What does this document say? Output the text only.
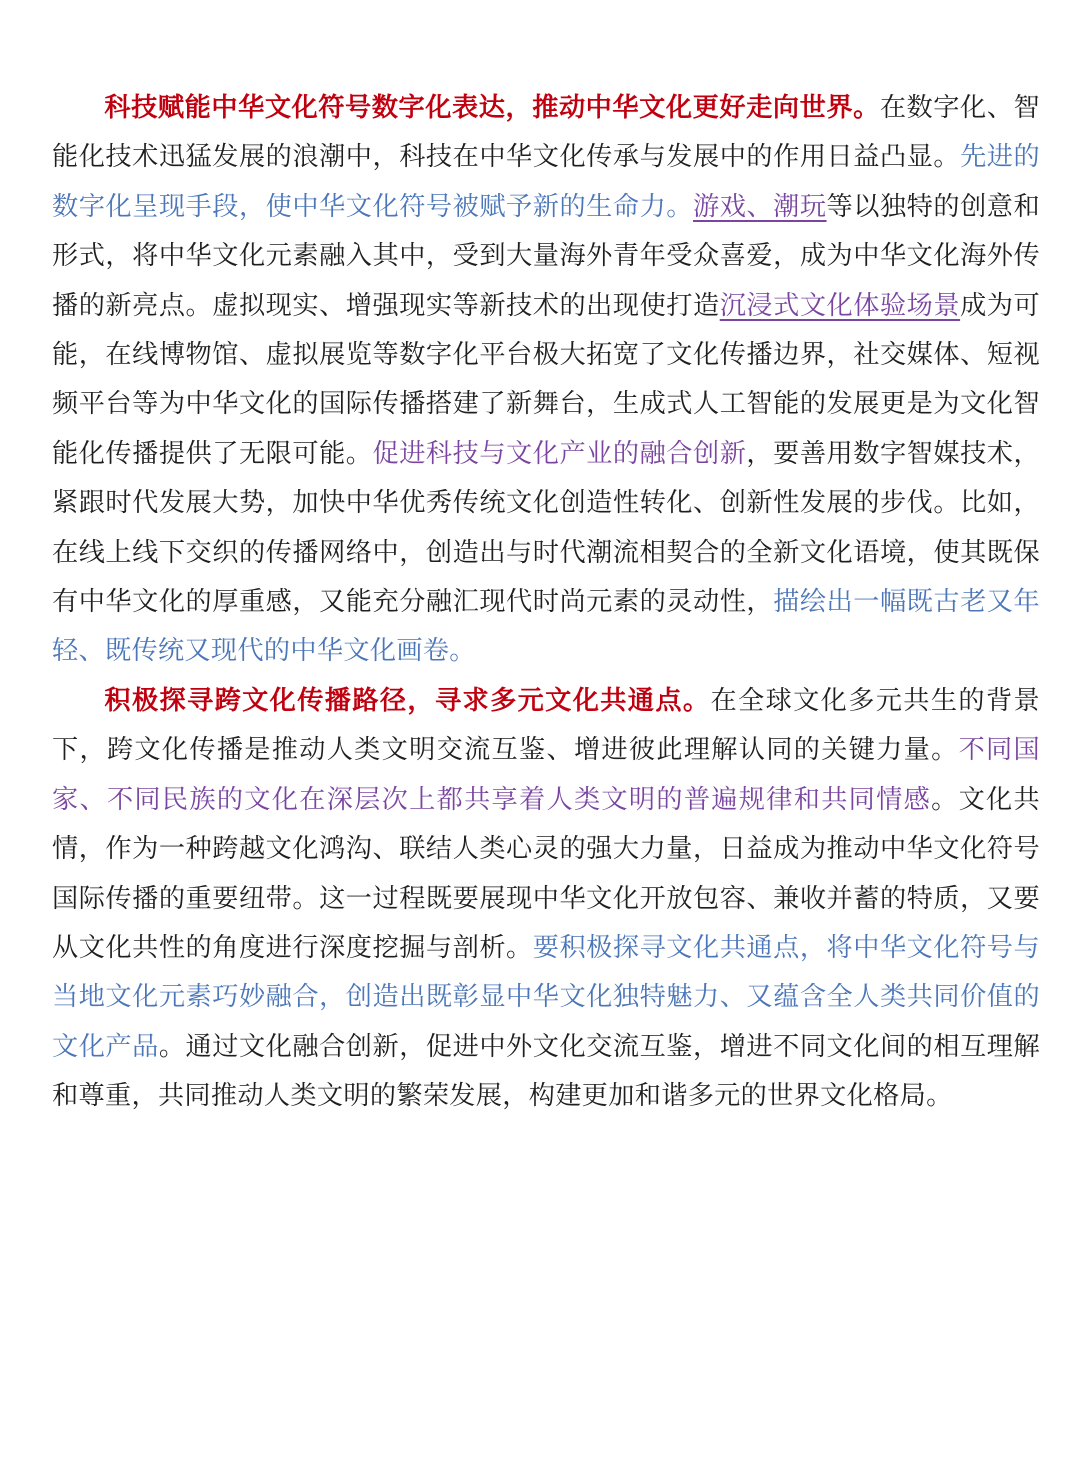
科技赋能中华文化符号数字化表达，推动中华文化更好走向世界。在数字化、智能化技术迅猛发展的浪潮中，科技在中华文化传承与发展中的作用日益凸显。先进的数字化呈现手段，使中华文化符号被赋予新的生命力。游戏、潮玩等以独特的创意和形式，将中华文化元素融入其中，受到大量海外青年受众喜爱，成为中华文化海外传播的新亮点。虚拟现实、增强现实等新技术的出现使打造沉浸式文化体验场景成为可能，在线博物馆、虚拟展览等数字化平台极大拓宽了文化传播边界，社交媒体、短视频平台等为中华文化的国际传播搭建了新舞台，生成式人工智能的发展更是为文化智能化传播提供了无限可能。促进科技与文化产业的融合创新，要善用数字智媒技术，紧跟时代发展大势，加快中华优秀传统文化创造性转化、创新性发展的步伐。比如，在线上线下交织的传播网络中，创造出与时代潮流相契合的全新文化语境，使其既保有中华文化的厚重感，又能充分融汇现代时尚元素的灵动性，描绘出一幅既古老又年轻、既传统又现代的中华文化画卷。

积极探寻跨文化传播路径，寻求多元文化共通点。在全球文化多元共生的背景下，跨文化传播是推动人类文明交流互鉴、增进彼此理解认同的关键力量。不同国家、不同民族的文化在深层次上都共享着人类文明的普遍规律和共同情感。文化共情，作为一种跨越文化鸿沟、联结人类心灵的强大力量，日益成为推动中华文化符号国际传播的重要纽带。这一过程既要展现中华文化开放包容、兼收并蓄的特质，又要从文化共性的角度进行深度挖掘与剖析。要积极探寻文化共通点，将中华文化符号与当地文化元素巧妙融合，创造出既彰显中华文化独特魅力、又蕴含全人类共同价值的文化产品。通过文化融合创新，促进中外文化交流互鉴，增进不同文化间的相互理解和尊重，共同推动人类文明的繁荣发展，构建更加和谐多元的世界文化格局。
